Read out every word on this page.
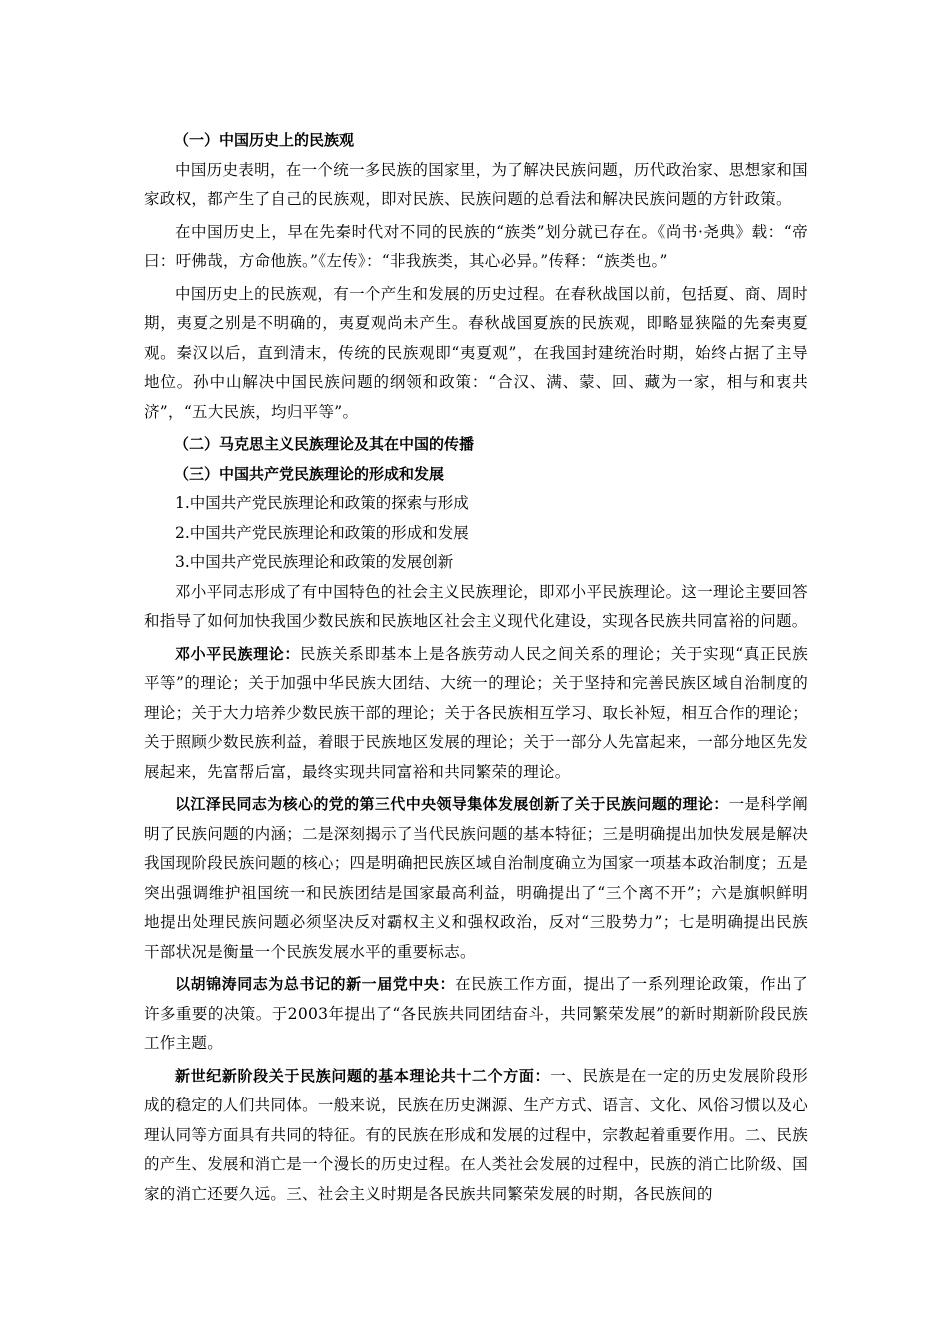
（一）中国历史上的民族观

中国历史表明，在一个统一多民族的国家里，为了解决民族问题，历代政治家、思想家和国家政权，都产生了自己的民族观，即对民族、民族问题的总看法和解决民族问题的方针政策。

在中国历史上，早在先秦时代对不同的民族的“族类”划分就已存在。《尚书·尧典》载：“帝曰：吁佛哉，方命他族。”《左传》：“非我族类，其心必异。”传释：“族类也。”

中国历史上的民族观，有一个产生和发展的历史过程。在春秋战国以前，包括夏、商、周时期，夷夏之别是不明确的，夷夏观尚未产生。春秋战国夏族的民族观，即略显狭隘的先秦夷夏观。秦汉以后，直到清末，传统的民族观即“夷夏观”，在我国封建统治时期，始终占据了主导地位。孙中山解决中国民族问题的纲领和政策：“合汉、满、蒙、回、藏为一家，相与和衷共济”，“五大民族，均归平等”。

（二）马克思主义民族理论及其在中国的传播

（三）中国共产党民族理论的形成和发展

1.中国共产党民族理论和政策的探索与形成

2.中国共产党民族理论和政策的形成和发展

3.中国共产党民族理论和政策的发展创新

邓小平同志形成了有中国特色的社会主义民族理论，即邓小平民族理论。这一理论主要回答和指导了如何加快我国少数民族和民族地区社会主义现代化建设，实现各民族共同富裕的问题。

邓小平民族理论：民族关系即基本上是各族劳动人民之间关系的理论；关于实现“真正民族平等”的理论；关于加强中华民族大团结、大统一的理论；关于坚持和完善民族区域自治制度的理论；关于大力培养少数民族干部的理论；关于各民族相互学习、取长补短，相互合作的理论；关于照顾少数民族利益，着眼于民族地区发展的理论；关于一部分人先富起来，一部分地区先发展起来，先富帮后富，最终实现共同富裕和共同繁荣的理论。

以江泽民同志为核心的党的第三代中央领导集体发展创新了关于民族问题的理论：一是科学阐明了民族问题的内涵；二是深刻揭示了当代民族问题的基本特征；三是明确提出加快发展是解决我国现阶段民族问题的核心；四是明确把民族区域自治制度确立为国家一项基本政治制度；五是突出强调维护祖国统一和民族团结是国家最高利益，明确提出了“三个离不开”；六是旗帜鲜明地提出处理民族问题必须坚决反对霸权主义和强权政治，反对“三股势力”；七是明确提出民族干部状况是衡量一个民族发展水平的重要标志。

以胡锦涛同志为总书记的新一届党中央：在民族工作方面，提出了一系列理论政策，作出了许多重要的决策。于2003年提出了“各民族共同团结奋斗，共同繁荣发展”的新时期新阶段民族工作主题。

新世纪新阶段关于民族问题的基本理论共十二个方面：一、民族是在一定的历史发展阶段形成的稳定的人们共同体。一般来说，民族在历史渊源、生产方式、语言、文化、风俗习惯以及心理认同等方面具有共同的特征。有的民族在形成和发展的过程中，宗教起着重要作用。二、民族的产生、发展和消亡是一个漫长的历史过程。在人类社会发展的过程中，民族的消亡比阶级、国家的消亡还要久远。三、社会主义时期是各民族共同繁荣发展的时期，各民族间的
